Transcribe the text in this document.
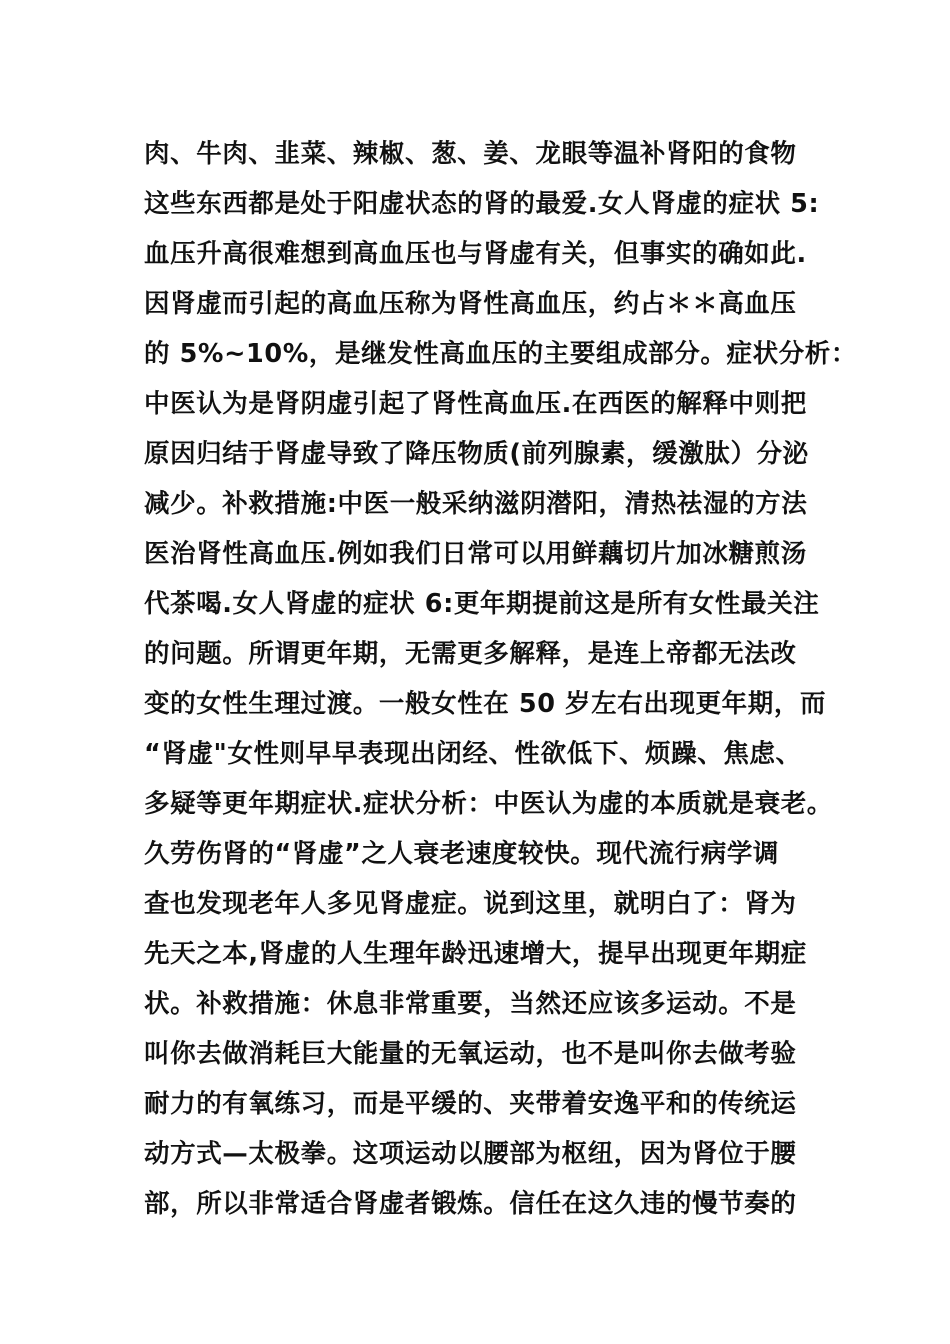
肉、牛肉、韭菜、辣椒、葱、姜、龙眼等温补肾阳的食物
这些东西都是处于阳虚状态的肾的最爱.女人肾虚的症状 5:
血压升高很难想到高血压也与肾虚有关，但事实的确如此.
因肾虚而引起的高血压称为肾性高血压，约占＊＊高血压
的 5%~10%，是继发性高血压的主要组成部分。症状分析：
中医认为是肾阴虚引起了肾性高血压.在西医的解释中则把
原因归结于肾虚导致了降压物质(前列腺素，缓激肽）分泌
减少。补救措施:中医一般采纳滋阴潜阳，清热祛湿的方法
医治肾性高血压.例如我们日常可以用鲜藕切片加冰糖煎汤
代茶喝.女人肾虚的症状 6:更年期提前这是所有女性最关注
的问题。所谓更年期，无需更多解释，是连上帝都无法改
变的女性生理过渡。一般女性在 50 岁左右出现更年期，而
“肾虚"女性则早早表现出闭经、性欲低下、烦躁、焦虑、
多疑等更年期症状.症状分析：中医认为虚的本质就是衰老。
久劳伤肾的“肾虚”之人衰老速度较快。现代流行病学调
查也发现老年人多见肾虚症。说到这里，就明白了：肾为
先天之本,肾虚的人生理年龄迅速增大，提早出现更年期症
状。补救措施：休息非常重要，当然还应该多运动。不是
叫你去做消耗巨大能量的无氧运动，也不是叫你去做考验
耐力的有氧练习，而是平缓的、夹带着安逸平和的传统运
动方式—太极拳。这项运动以腰部为枢纽，因为肾位于腰
部，所以非常适合肾虚者锻炼。信任在这久违的慢节奏的
